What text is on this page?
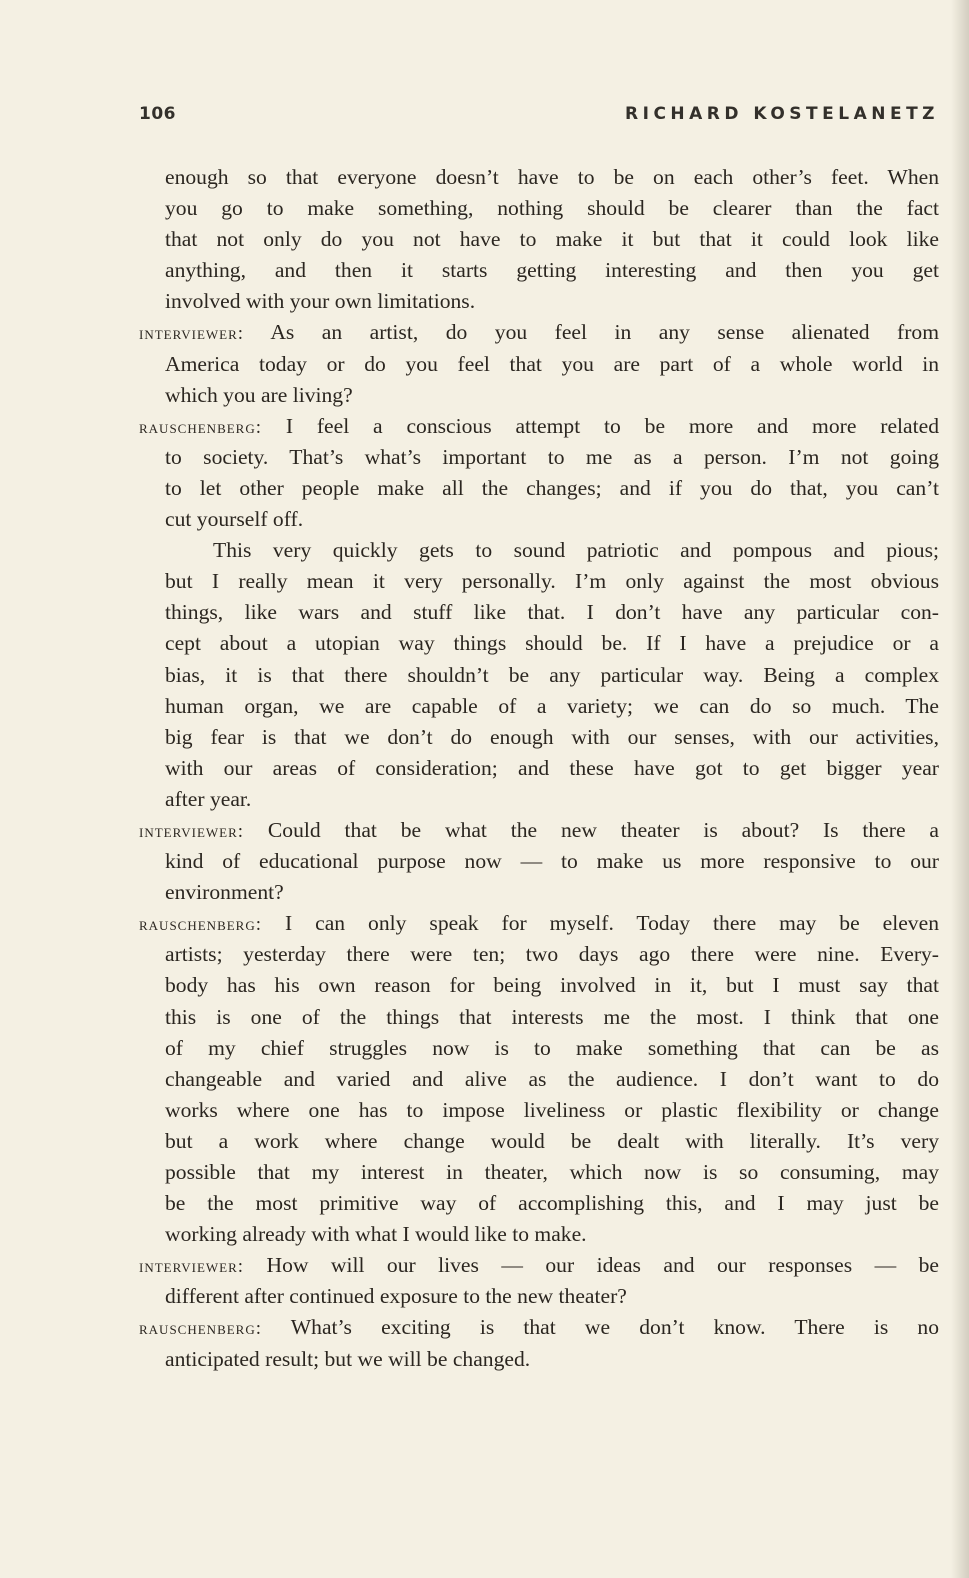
106	RICHARD KOSTELANETZ
enough so that everyone doesn’t have to be on each other’s feet. When
you go to make something, nothing should be clearer than the fact
that not only do you not have to make it but that it could look like
anything, and then it starts getting interesting and then you get
involved with your own limitations.
interviewer: As an artist, do you feel in any sense alienated from
America today or do you feel that you are part of a whole world in
which you are living?
rauschenberg: I feel a conscious attempt to be more and more related
to society. That’s what’s important to me as a person. I’m not going
to let other people make all the changes; and if you do that, you can’t
cut yourself off.
This very quickly gets to sound patriotic and pompous and pious;
but I really mean it very personally. I’m only against the most obvious
things, like wars and stuff like that. I don’t have any particular con-
cept about a utopian way things should be. If I have a prejudice or a
bias, it is that there shouldn’t be any particular way. Being a complex
human organ, we are capable of a variety; we can do so much. The
big fear is that we don’t do enough with our senses, with our activities,
with our areas of consideration; and these have got to get bigger year
after year.
interviewer: Could that be what the new theater is about? Is there a
kind of educational purpose now — to make us more responsive to our
environment?
rauschenberg: I can only speak for myself. Today there may be eleven
artists; yesterday there were ten; two days ago there were nine. Every-
body has his own reason for being involved in it, but I must say that
this is one of the things that interests me the most. I think that one
of my chief struggles now is to make something that can be as
changeable and varied and alive as the audience. I don’t want to do
works where one has to impose liveliness or plastic flexibility or change
but a work where change would be dealt with literally. It’s very
possible that my interest in theater, which now is so consuming, may
be the most primitive way of accomplishing this, and I may just be
working already with what I would like to make.
interviewer: How will our lives — our ideas and our responses — be
different after continued exposure to the new theater?
rauschenberg: What’s exciting is that we don’t know. There is no
anticipated result; but we will be changed.
